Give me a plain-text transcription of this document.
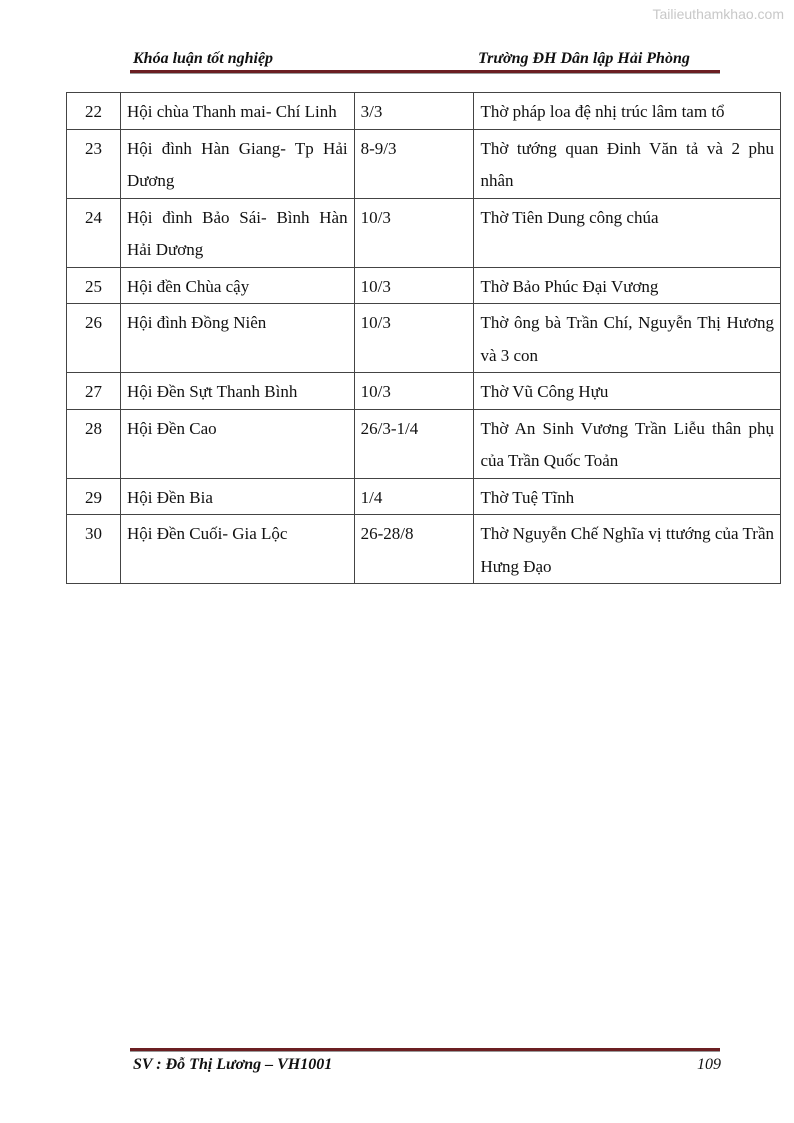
Tailieuthamkhao.com
Khóa luận tốt nghiệp	Trường ĐH Dân lập Hải Phòng
22	Hội chùa Thanh mai- Chí Linh	3/3	Thờ pháp loa đệ nhị trúc lâm tam tổ
23	Hội đình Hàn Giang- Tp Hải Dương	8-9/3	Thờ tướng quan Đinh Văn tả và 2 phu nhân
24	Hội đình Bảo Sái- Bình Hàn Hải Dương	10/3	Thờ Tiên Dung công chúa
25	Hội đền Chùa cậy	10/3	Thờ Bảo Phúc Đại Vương
26	Hội đình Đồng Niên	10/3	Thờ ông bà Trần Chí, Nguyễn Thị Hương và 3 con
27	Hội Đền Sựt Thanh Bình	10/3	Thờ Vũ Công Hựu
28	Hội Đền Cao	26/3-1/4	Thờ An Sinh Vương Trần Liễu thân phụ của Trần Quốc Toản
29	Hội Đền Bia	1/4	Thờ Tuệ Tĩnh
30	Hội Đền Cuối- Gia Lộc	26-28/8	Thờ Nguyễn Chế Nghĩa vị ttướng của Trần Hưng Đạo
SV : Đỗ Thị Lương – VH1001	109
